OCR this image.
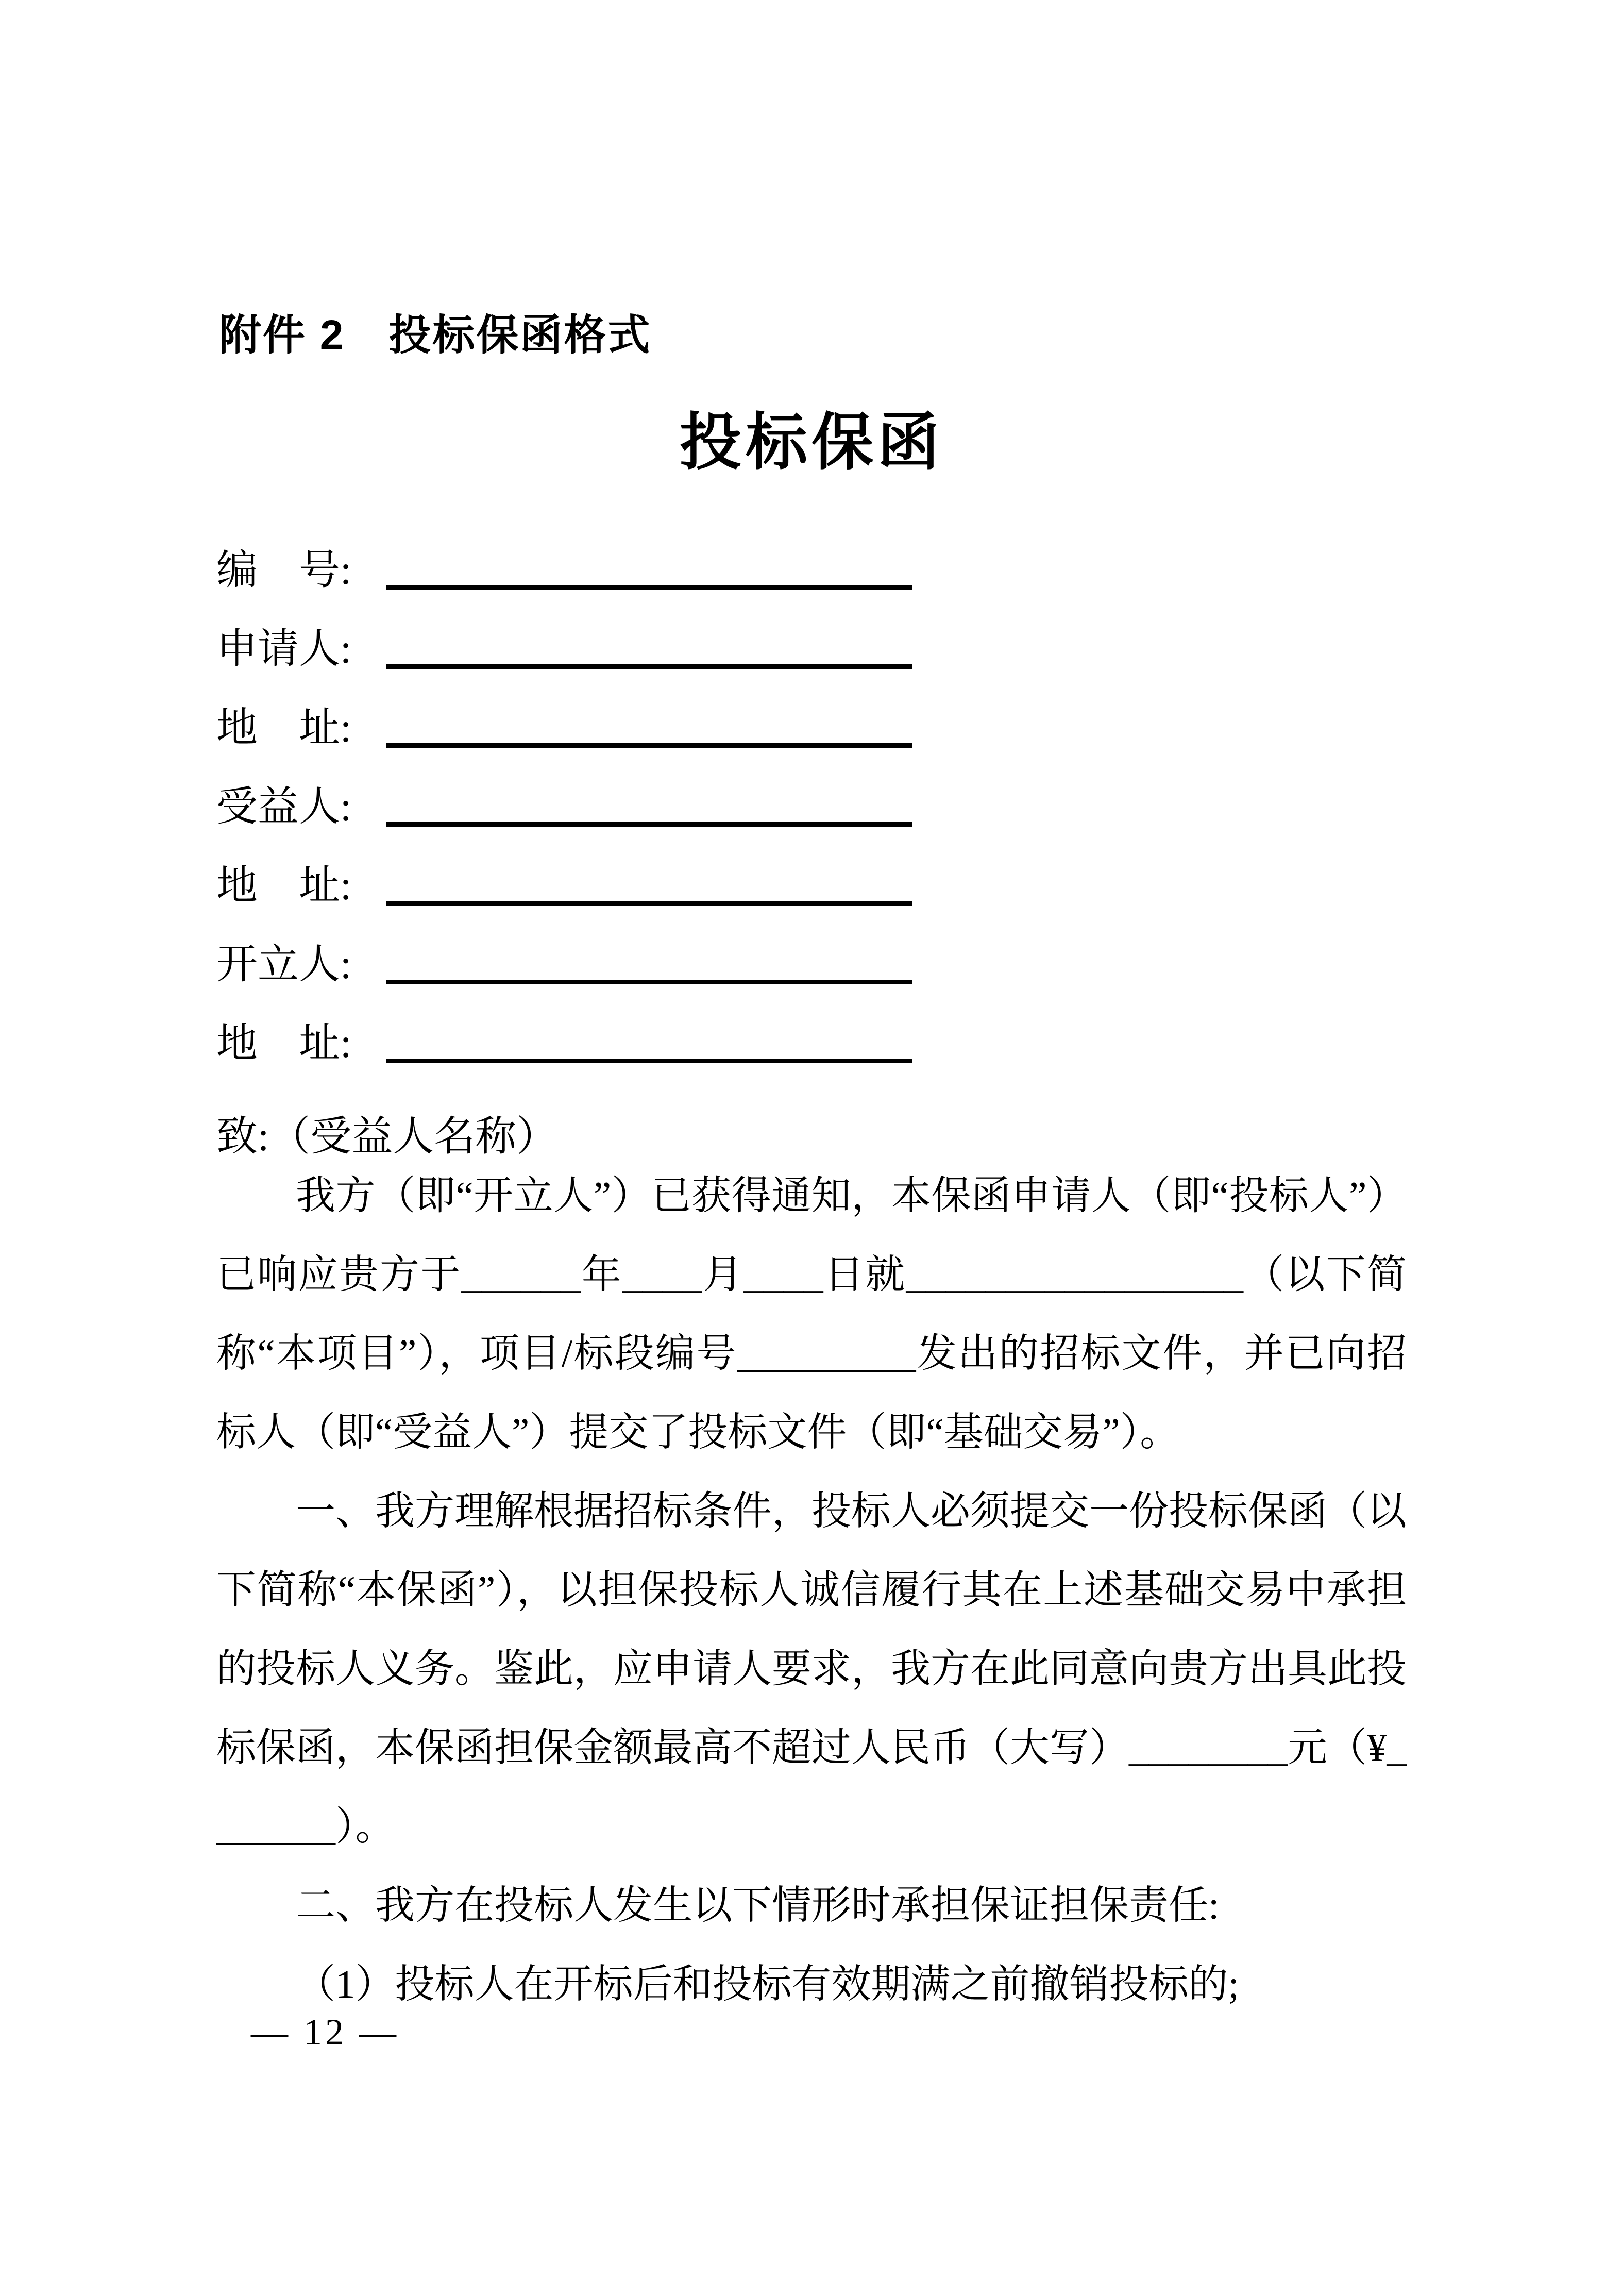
附件 2　投标保函格式
投标保函
编　号:
申请人:
地　址:
受益人:
地　址:
开立人:
地　址:
致:（受益人名称）

我方（即“开立人”）已获得通知，本保函申请人（即“投标人”）已响应贵方于______年____月____日就_________________（以下简称“本项目”），项目/标段编号_________发出的招标文件，并已向招标人（即“受益人”）提交了投标文件（即“基础交易”）。

一、我方理解根据招标条件，投标人必须提交一份投标保函（以下简称“本保函”），以担保投标人诚信履行其在上述基础交易中承担的投标人义务。鉴此，应申请人要求，我方在此同意向贵方出具此投标保函，本保函担保金额最高不超过人民币（大写）________元（¥_______）。

二、我方在投标人发生以下情形时承担保证担保责任:

（1）投标人在开标后和投标有效期满之前撤销投标的;

— 12 —
